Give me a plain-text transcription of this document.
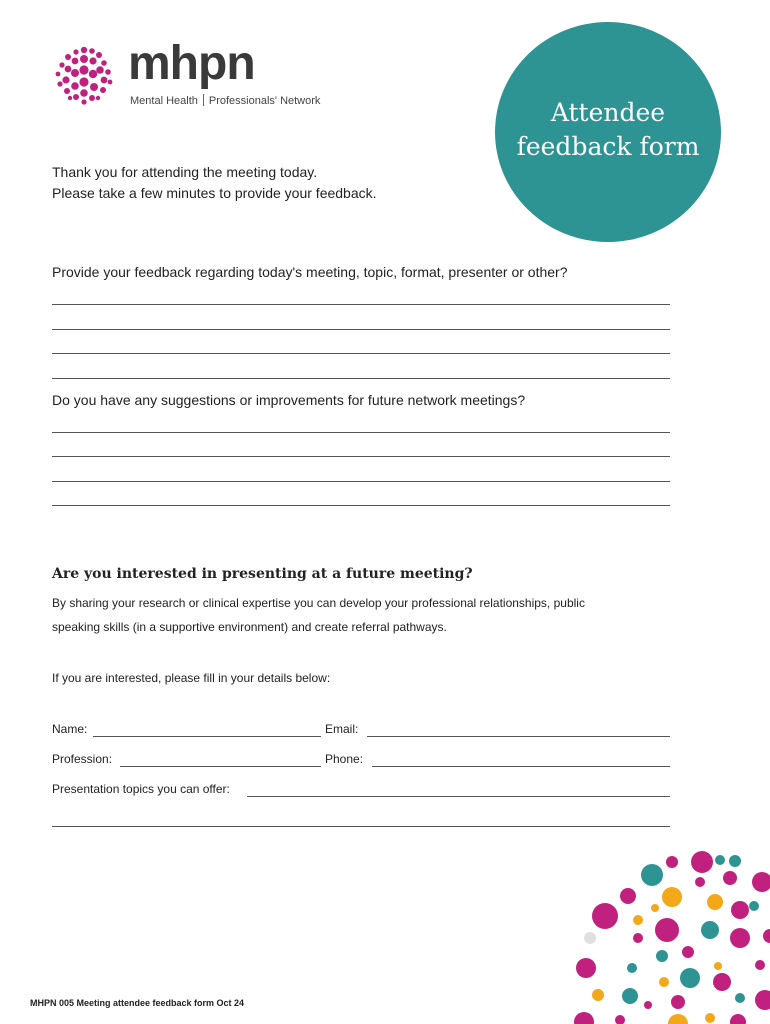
mhpn
Mental Health Professionals' Network	Attendee
feedback form
Thank you for attending the meeting today.
Please take a few minutes to provide your feedback.
Provide your feedback regarding today's meeting, topic, format, presenter or other?
Do you have any suggestions or improvements for future network meetings?
Are you interested in presenting at a future meeting?
By sharing your research or clinical expertise you can develop your professional relationships, public
speaking skills (in a supportive environment) and create referral pathways.
If you are interested, please fill in your details below:
Name:	Email:
Profession:	Phone:
Presentation topics you can offer:
MHPN 005 Meeting attendee feedback form Oct 24
